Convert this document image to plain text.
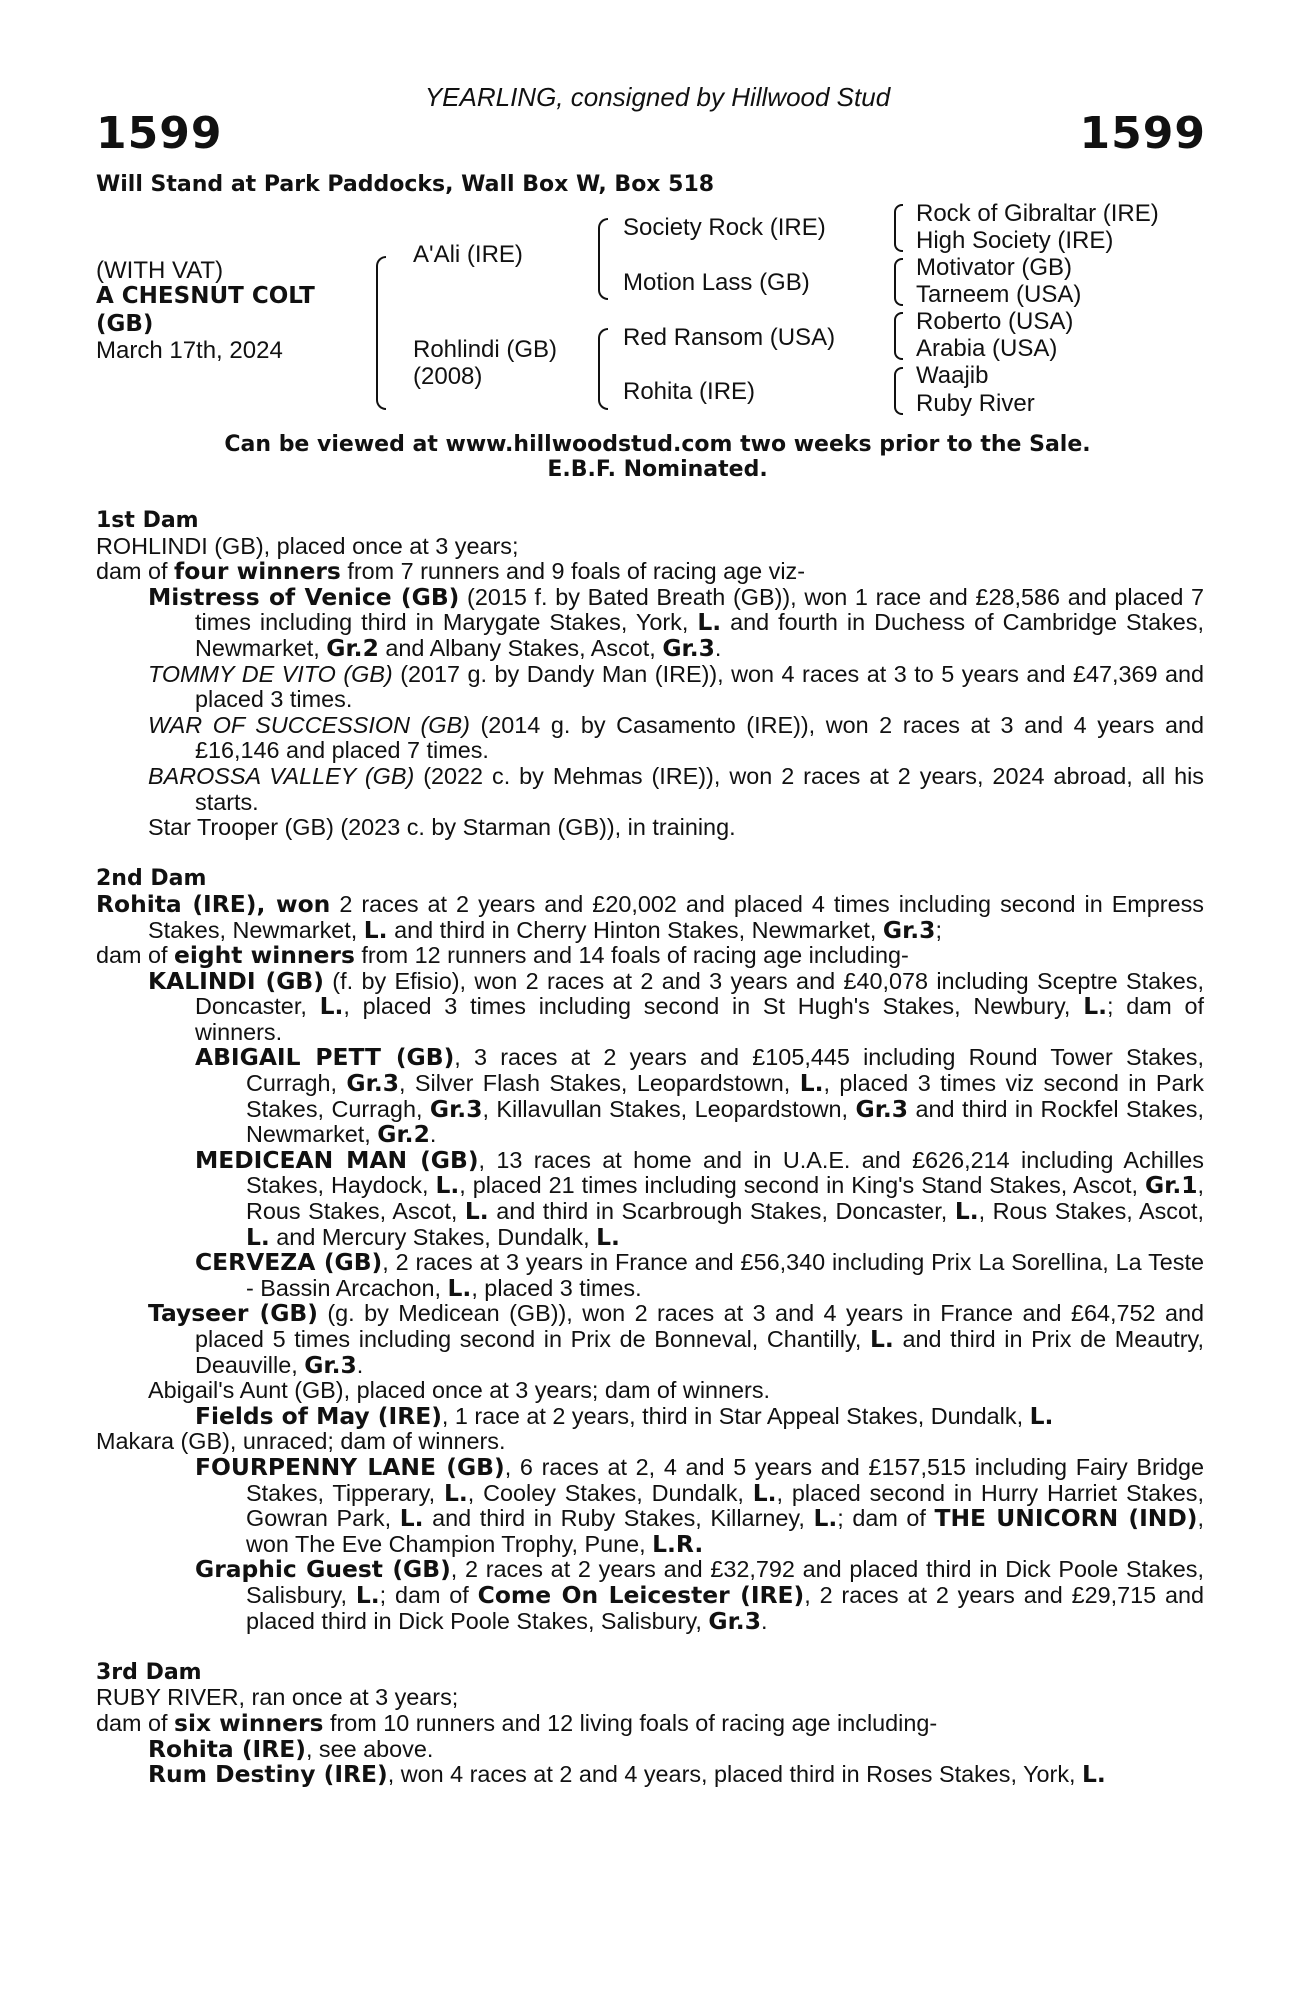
YEARLING, consigned by Hillwood Stud
1599	1599
Will Stand at Park Paddocks, Wall Box W, Box 518
(WITH VAT)
A CHESNUT COLT
(GB)
March 17th, 2024
A'Ali (IRE)
Rohlindi (GB)
(2008)
Society Rock (IRE)
Motion Lass (GB)
Red Ransom (USA)
Rohita (IRE)
Rock of Gibraltar (IRE)
High Society (IRE)
Motivator (GB)
Tarneem (USA)
Roberto (USA)
Arabia (USA)
Waajib
Ruby River
Can be viewed at www.hillwoodstud.com two weeks prior to the Sale.
E.B.F. Nominated.

1st Dam

ROHLINDI (GB), placed once at 3 years;

dam of four winners from 7 runners and 9 foals of racing age viz-

Mistress of Venice (GB) (2015 f. by Bated Breath (GB)), won 1 race and £28,586 and placed 7 times including third in Marygate Stakes, York, L. and fourth in Duchess of Cambridge Stakes, Newmarket, Gr.2 and Albany Stakes, Ascot, Gr.3.

TOMMY DE VITO (GB) (2017 g. by Dandy Man (IRE)), won 4 races at 3 to 5 years and £47,369 and placed 3 times.

WAR OF SUCCESSION (GB) (2014 g. by Casamento (IRE)), won 2 races at 3 and 4 years and £16,146 and placed 7 times.

BAROSSA VALLEY (GB) (2022 c. by Mehmas (IRE)), won 2 races at 2 years, 2024 abroad, all his starts.

Star Trooper (GB) (2023 c. by Starman (GB)), in training.

2nd Dam

Rohita (IRE), won 2 races at 2 years and £20,002 and placed 4 times including second in Empress Stakes, Newmarket, L. and third in Cherry Hinton Stakes, Newmarket, Gr.3;

dam of eight winners from 12 runners and 14 foals of racing age including-

KALINDI (GB) (f. by Efisio), won 2 races at 2 and 3 years and £40,078 including Sceptre Stakes, Doncaster, L., placed 3 times including second in St Hugh's Stakes, Newbury, L.; dam of winners.

ABIGAIL PETT (GB), 3 races at 2 years and £105,445 including Round Tower Stakes, Curragh, Gr.3, Silver Flash Stakes, Leopardstown, L., placed 3 times viz second in Park Stakes, Curragh, Gr.3, Killavullan Stakes, Leopardstown, Gr.3 and third in Rockfel Stakes, Newmarket, Gr.2.

MEDICEAN MAN (GB), 13 races at home and in U.A.E. and £626,214 including Achilles Stakes, Haydock, L., placed 21 times including second in King's Stand Stakes, Ascot, Gr.1, Rous Stakes, Ascot, L. and third in Scarbrough Stakes, Doncaster, L., Rous Stakes, Ascot, L. and Mercury Stakes, Dundalk, L.

CERVEZA (GB), 2 races at 3 years in France and £56,340 including Prix La Sorellina, La Teste - Bassin Arcachon, L., placed 3 times.

Tayseer (GB) (g. by Medicean (GB)), won 2 races at 3 and 4 years in France and £64,752 and placed 5 times including second in Prix de Bonneval, Chantilly, L. and third in Prix de Meautry, Deauville, Gr.3.

Abigail's Aunt (GB), placed once at 3 years; dam of winners.

Fields of May (IRE), 1 race at 2 years, third in Star Appeal Stakes, Dundalk, L.

Makara (GB), unraced; dam of winners.

FOURPENNY LANE (GB), 6 races at 2, 4 and 5 years and £157,515 including Fairy Bridge Stakes, Tipperary, L., Cooley Stakes, Dundalk, L., placed second in Hurry Harriet Stakes, Gowran Park, L. and third in Ruby Stakes, Killarney, L.; dam of THE UNICORN (IND), won The Eve Champion Trophy, Pune, L.R.

Graphic Guest (GB), 2 races at 2 years and £32,792 and placed third in Dick Poole Stakes, Salisbury, L.; dam of Come On Leicester (IRE), 2 races at 2 years and £29,715 and placed third in Dick Poole Stakes, Salisbury, Gr.3.

3rd Dam

RUBY RIVER, ran once at 3 years;

dam of six winners from 10 runners and 12 living foals of racing age including-

Rohita (IRE), see above.

Rum Destiny (IRE), won 4 races at 2 and 4 years, placed third in Roses Stakes, York, L.
